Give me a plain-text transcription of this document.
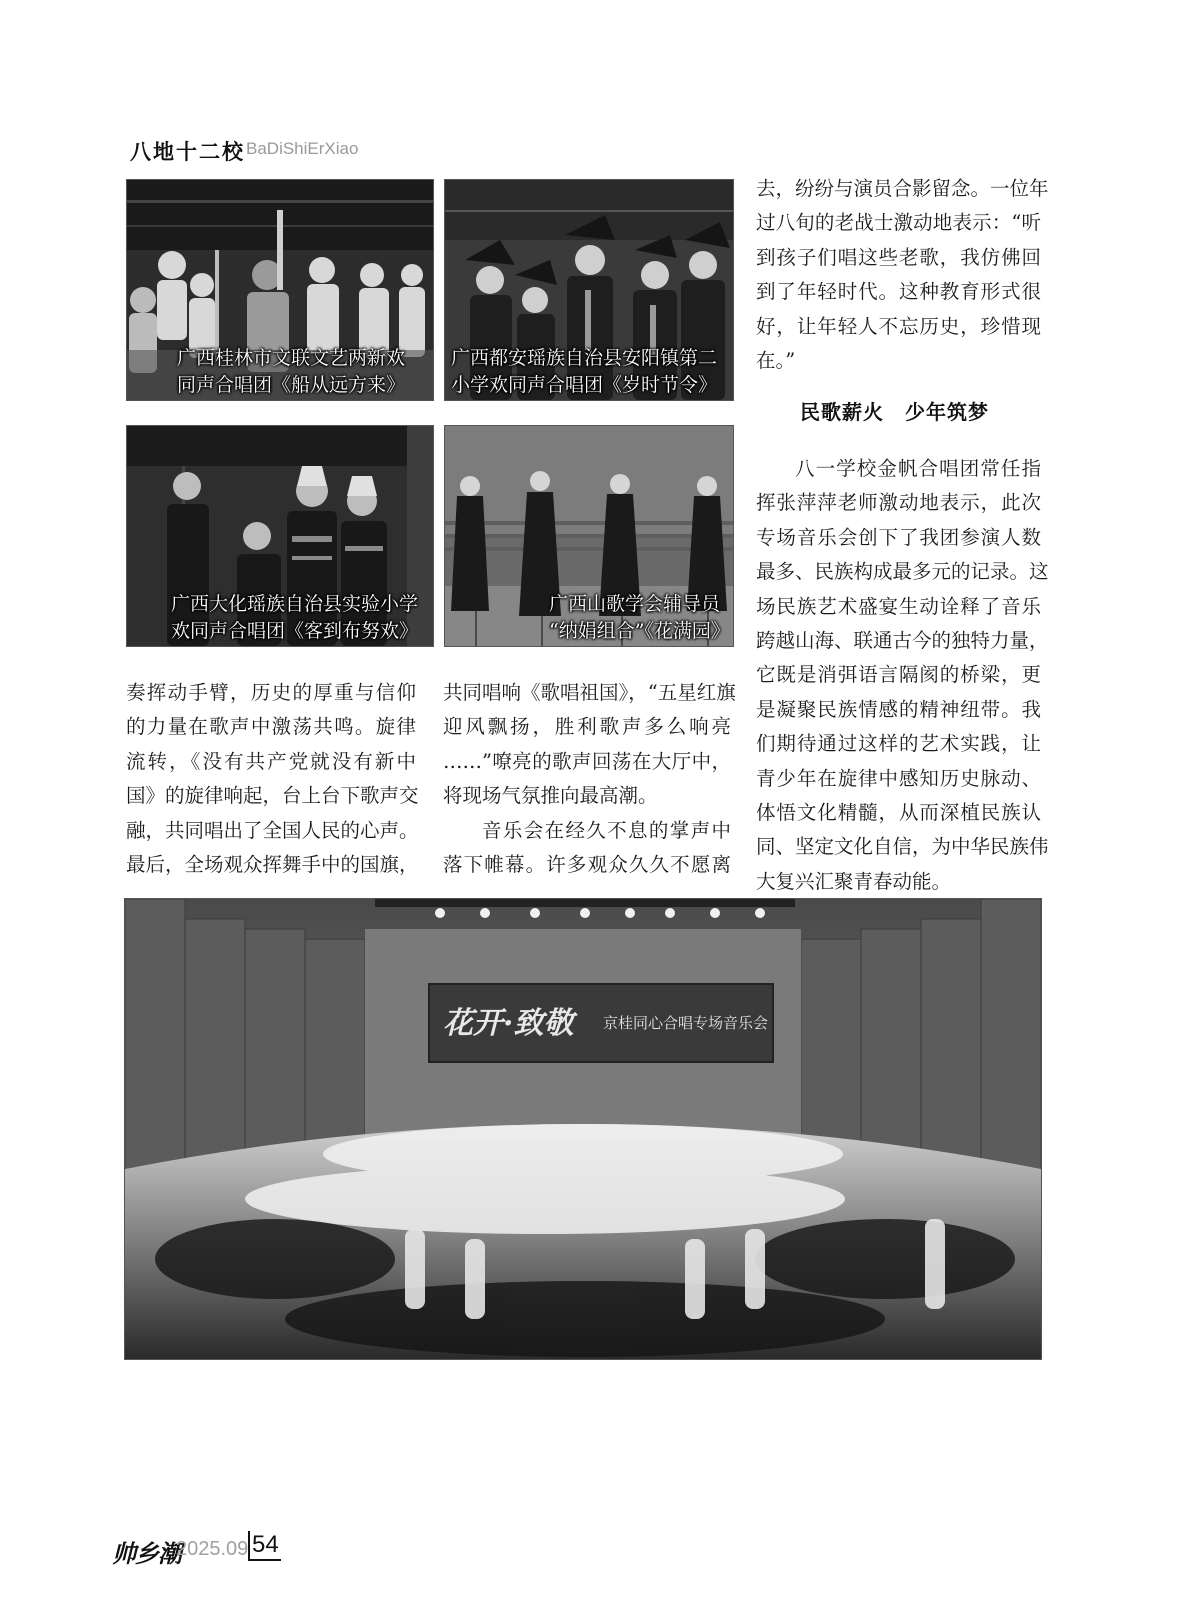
八地十二校 BaDiShiErXiao
广西桂林市文联文艺两新欢
同声合唱团《船从远方来》
广西都安瑶族自治县安阳镇第二
小学欢同声合唱团《岁时节令》
广西大化瑶族自治县实验小学
欢同声合唱团《客到布努欢》
广西山歌学会辅导员
“纳娟组合”《花满园》
去，纷纷与演员合影留念。一位年
过八旬的老战士激动地表示：“听
到孩子们唱这些老歌，我仿佛回
到了年轻时代。这种教育形式很
好，让年轻人不忘历史，珍惜现
在。”
民歌薪火　少年筑梦
八一学校金帆合唱团常任指
挥张萍萍老师激动地表示，此次
专场音乐会创下了我团参演人数
最多、民族构成最多元的记录。这
场民族艺术盛宴生动诠释了音乐
跨越山海、联通古今的独特力量，
它既是消弭语言隔阂的桥梁，更
是凝聚民族情感的精神纽带。我
们期待通过这样的艺术实践，让
青少年在旋律中感知历史脉动、
体悟文化精髓，从而深植民族认
同、坚定文化自信，为中华民族伟
大复兴汇聚青春动能。
奏挥动手臂，历史的厚重与信仰
的力量在歌声中激荡共鸣。旋律
流转，《没有共产党就没有新中
国》的旋律响起，台上台下歌声交
融，共同唱出了全国人民的心声。
最后，全场观众挥舞手中的国旗，
共同唱响《歌唱祖国》，“五星红旗
迎风飘扬，胜利歌声多么响亮
……”嘹亮的歌声回荡在大厅中，
将现场气氛推向最高潮。
音乐会在经久不息的掌声中
落下帷幕。许多观众久久不愿离
花开·致敬	京桂同心合唱专场音乐会
帅乡潮
2025.09 54
